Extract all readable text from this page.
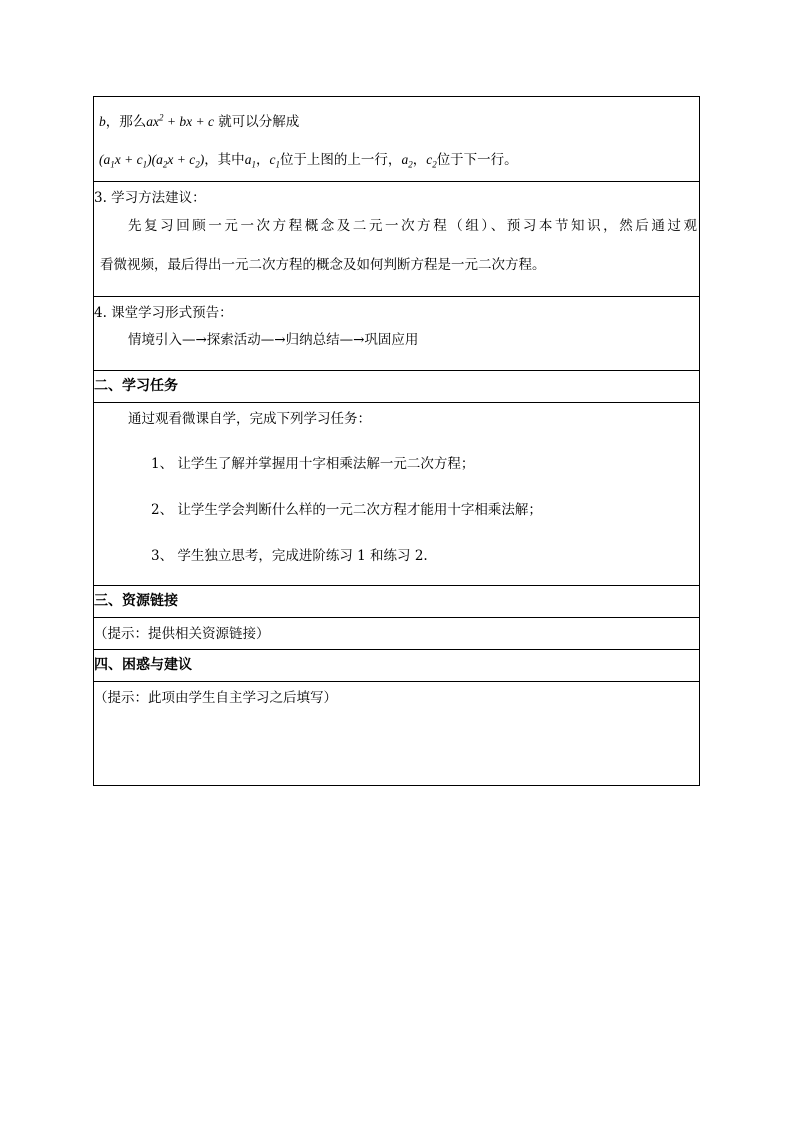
b，那么$ax^2$ + bx + c 就可以分解成
$(a_1x + c_1)(a_2x + c_2)$，其中$a_1$，$c_1$位于上图的上一行，$a_2$，$c_2$位于下一行。
3. 学习方法建议：
先复习回顾一元一次方程概念及二元一次方程（组）、预习本节知识，然后通过观
看微视频，最后得出一元二次方程的概念及如何判断方程是一元二次方程。
4. 课堂学习形式预告：
情境引入—→探索活动—→归纳总结—→巩固应用
二、学习任务
通过观看微课自学，完成下列学习任务：
1、 让学生了解并掌握用十字相乘法解一元二次方程；
2、 让学生学会判断什么样的一元二次方程才能用十字相乘法解；
3、 学生独立思考，完成进阶练习 1 和练习 2.
三、资源链接
（提示：提供相关资源链接）
四、困惑与建议
（提示：此项由学生自主学习之后填写）
